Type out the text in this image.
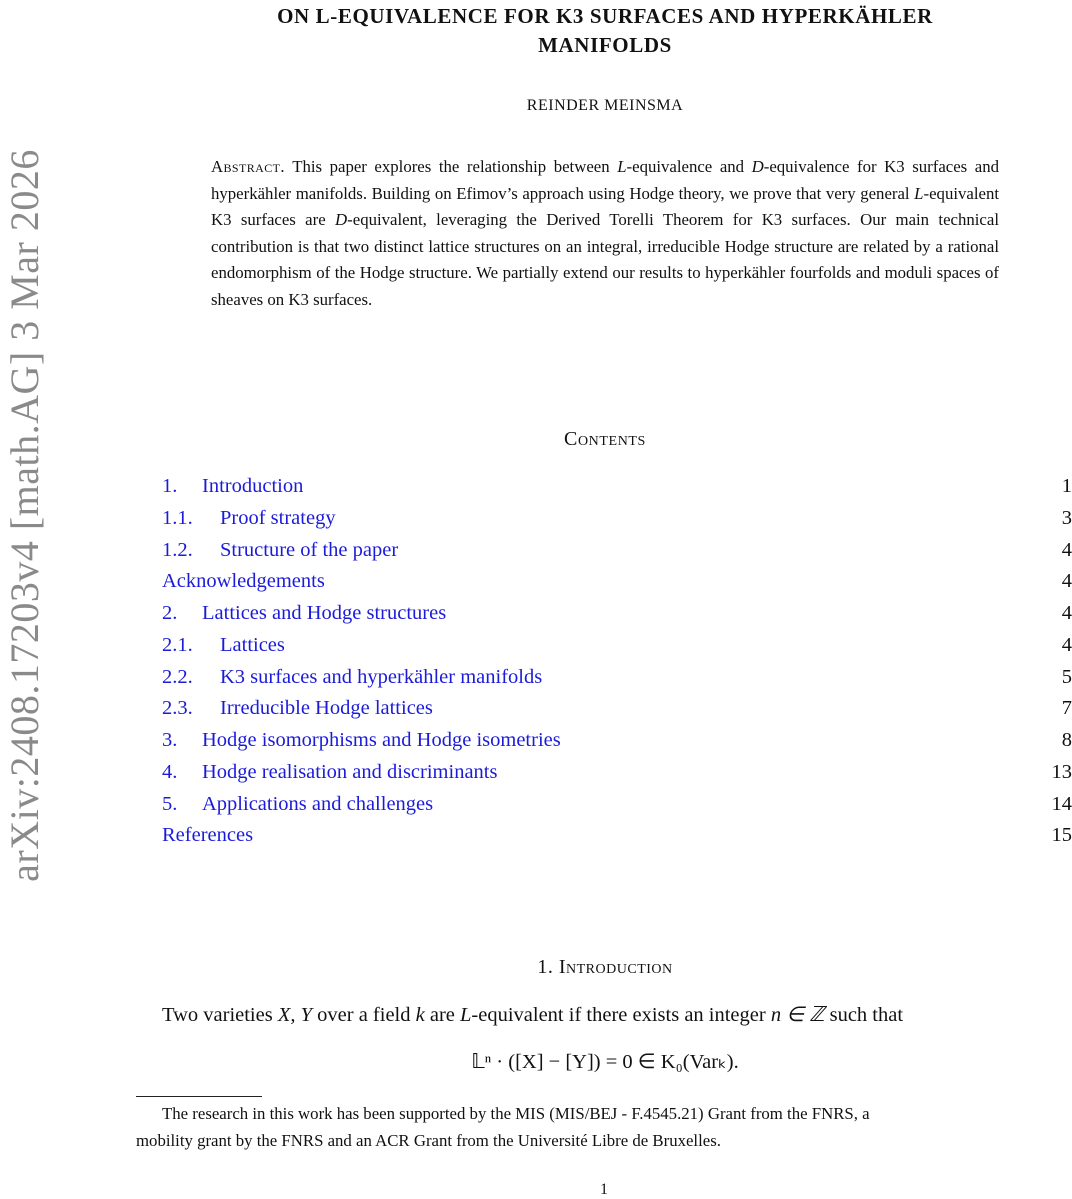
arXiv:2408.17203v4 [math.AG] 3 Mar 2026
ON L-EQUIVALENCE FOR K3 SURFACES AND HYPERKÄHLER
MANIFOLDS
REINDER MEINSMA
Abstract. This paper explores the relationship between L-equivalence and D-equivalence for K3 surfaces and hyperkähler manifolds. Building on Efimov’s approach using Hodge theory, we prove that very general L-equivalent K3 surfaces are D-equivalent, leveraging the Derived Torelli Theorem for K3 surfaces. Our main technical contribution is that two distinct lattice structures on an integral, irreducible Hodge structure are related by a rational endomorphism of the Hodge structure. We partially extend our results to hyperkähler fourfolds and moduli spaces of sheaves on K3 surfaces.
Contents
1. Introduction	1
1.1. Proof strategy	3
1.2. Structure of the paper	4
Acknowledgements	4
2. Lattices and Hodge structures	4
2.1. Lattices	4
2.2. K3 surfaces and hyperkähler manifolds	5
2.3. Irreducible Hodge lattices	7
3. Hodge isomorphisms and Hodge isometries	8
4. Hodge realisation and discriminants	13
5. Applications and challenges	14
References	15
1. Introduction
Two varieties X, Y over a field k are L-equivalent if there exists an integer n ∈ ℤ such that
𝕃ⁿ · ([X] − [Y]) = 0 ∈ K₀(Varₖ).
The research in this work has been supported by the MIS (MIS/BEJ - F.4545.21) Grant from the FNRS, a
mobility grant by the FNRS and an ACR Grant from the Université Libre de Bruxelles.
1
